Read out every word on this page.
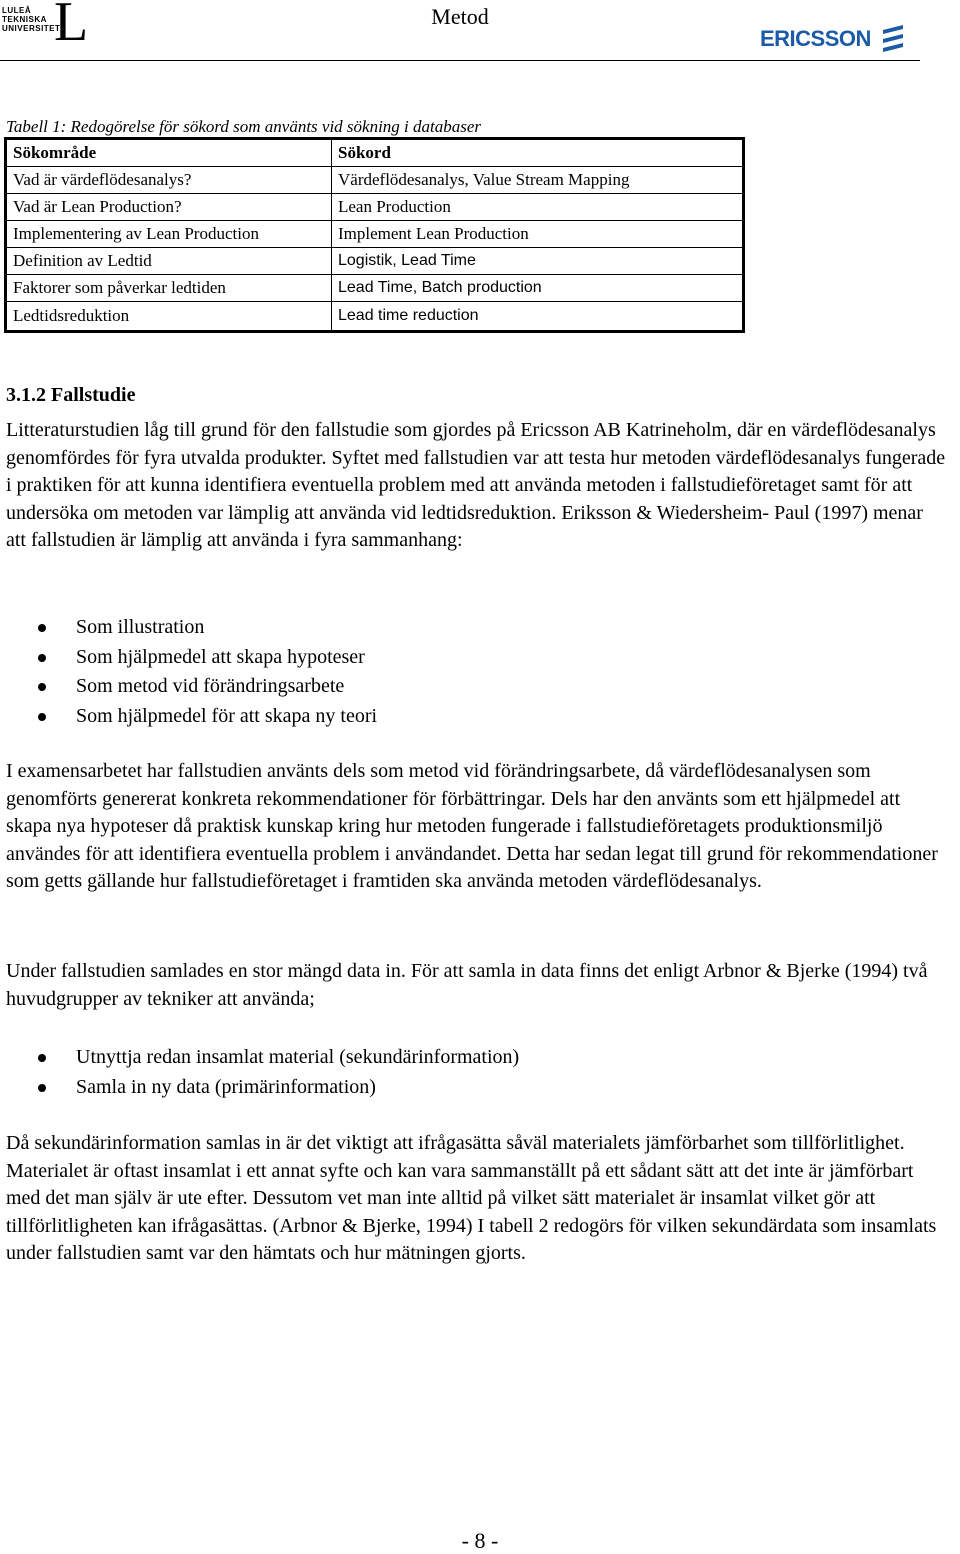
LULEÅ
TEKNISKA
UNIVERSITET
L	Metod
ERICSSON
Tabell 1: Redogörelse för sökord som använts vid sökning i databaser
Sökområde	Sökord
Vad är värdeflödesanalys?	Värdeflödesanalys, Value Stream Mapping
Vad är Lean Production?	Lean Production
Implementering av Lean Production	Implement Lean Production
Definition av Ledtid	Logistik, Lead Time
Faktorer som påverkar ledtiden	Lead Time, Batch production
Ledtidsreduktion	Lead time reduction
3.1.2 Fallstudie
Litteraturstudien låg till grund för den fallstudie som gjordes på Ericsson AB Katrineholm, där en värdeflödesanalys genomfördes för fyra utvalda produkter. Syftet med fallstudien var att testa hur metoden värdeflödesanalys fungerade i praktiken för att kunna identifiera eventuella problem med att använda metoden i fallstudieföretaget samt för att undersöka om metoden var lämplig att använda vid ledtidsreduktion. Eriksson & Wiedersheim- Paul (1997) menar att fallstudien är lämplig att använda i fyra sammanhang:
Som illustration
Som hjälpmedel att skapa hypoteser
Som metod vid förändringsarbete
Som hjälpmedel för att skapa ny teori
I examensarbetet har fallstudien använts dels som metod vid förändringsarbete, då värdeflödesanalysen som genomförts genererat konkreta rekommendationer för förbättringar. Dels har den använts som ett hjälpmedel att skapa nya hypoteser då praktisk kunskap kring hur metoden fungerade i fallstudieföretagets produktionsmiljö användes för att identifiera eventuella problem i användandet. Detta har sedan legat till grund för rekommendationer som getts gällande hur fallstudieföretaget i framtiden ska använda metoden värdeflödesanalys.
Under fallstudien samlades en stor mängd data in. För att samla in data finns det enligt Arbnor & Bjerke (1994) två huvudgrupper av tekniker att använda;
Utnyttja redan insamlat material (sekundärinformation)
Samla in ny data (primärinformation)
Då sekundärinformation samlas in är det viktigt att ifrågasätta såväl materialets jämförbarhet som tillförlitlighet. Materialet är oftast insamlat i ett annat syfte och kan vara sammanställt på ett sådant sätt att det inte är jämförbart med det man själv är ute efter. Dessutom vet man inte alltid på vilket sätt materialet är insamlat vilket gör att tillförlitligheten kan ifrågasättas. (Arbnor & Bjerke, 1994) I tabell 2 redogörs för vilken sekundärdata som insamlats under fallstudien samt var den hämtats och hur mätningen gjorts.
- 8 -
